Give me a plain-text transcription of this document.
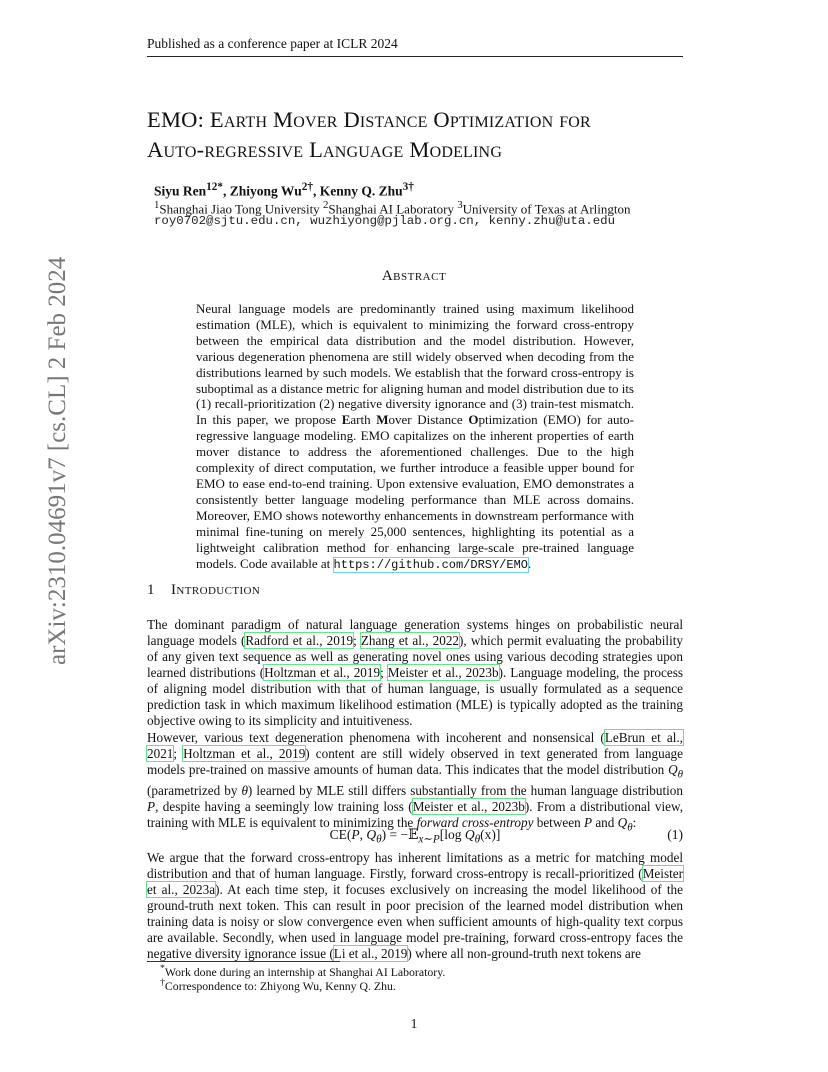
Published as a conference paper at ICLR 2024
arXiv:2310.04691v7 [cs.CL] 2 Feb 2024
EMO: Earth Mover Distance Optimization for
Auto-regressive Language Modeling
Siyu Ren$^{12*}$, Zhiyong $Wu^{2\dagger}$, Kenny Q. Zhu$^{3\dagger}$
$^1$Shanghai Jiao Tong University $^2$Shanghai AI Laboratory $^3$University of Texas at Arlington
roy0702@sjtu.edu.cn, wuzhiyong@pjlab.org.cn, kenny.zhu@uta.edu
Abstract
Neural language models are predominantly trained using maximum likelihood estimation (MLE), which is equivalent to minimizing the forward cross-entropy between the empirical data distribution and the model distribution. However, various degeneration phenomena are still widely observed when decoding from the distributions learned by such models. We establish that the forward cross-entropy is suboptimal as a distance metric for aligning human and model distribution due to its (1) recall-prioritization (2) negative diversity ignorance and (3) train-test mismatch. In this paper, we propose Earth Mover Distance Optimization (EMO) for auto-regressive language modeling. EMO capitalizes on the inherent properties of earth mover distance to address the aforementioned challenges. Due to the high complexity of direct computation, we further introduce a feasible upper bound for EMO to ease end-to-end training. Upon extensive evaluation, EMO demonstrates a consistently better language modeling performance than MLE across domains. Moreover, EMO shows noteworthy enhancements in downstream performance with minimal fine-tuning on merely 25,000 sentences, highlighting its potential as a lightweight calibration method for enhancing large-scale pre-trained language models. Code available at https://github.com/DRSY/EMO.
1 Introduction
The dominant paradigm of natural language generation systems hinges on probabilistic neural language models (Radford et al., 2019; Zhang et al., 2022), which permit evaluating the probability of any given text sequence as well as generating novel ones using various decoding strategies upon learned distributions (Holtzman et al., 2019; Meister et al., 2023b). Language modeling, the process of aligning model distribution with that of human language, is usually formulated as a sequence prediction task in which maximum likelihood estimation (MLE) is typically adopted as the training objective owing to its simplicity and intuitiveness.
However, various text degeneration phenomena with incoherent and nonsensical (LeBrun et al., 2021; Holtzman et al., 2019) content are still widely observed in text generated from language models pre-trained on massive amounts of human data. This indicates that the model distribution $Q_\theta$ (parametrized by θ) learned by MLE still differs substantially from the human language distribution P, despite having a seemingly low training loss (Meister et al., 2023b). From a distributional view, training with MLE is equivalent to minimizing the forward cross-entropy between P and $Q_\theta$:
CE(P, $Q_\theta$) = −𝔼$_{x\sim P}$[log $Q_\theta(x)$]	(1)
We argue that the forward cross-entropy has inherent limitations as a metric for matching model distribution and that of human language. Firstly, forward cross-entropy is recall-prioritized (Meister et al., 2023a). At each time step, it focuses exclusively on increasing the model likelihood of the ground-truth next token. This can result in poor precision of the learned model distribution when training data is noisy or slow convergence even when sufficient amounts of high-quality text corpus are available. Secondly, when used in language model pre-training, forward cross-entropy faces the negative diversity ignorance issue (Li et al., 2019) where all non-ground-truth next tokens are
*Work done during an internship at Shanghai AI Laboratory.
†Correspondence to: Zhiyong Wu, Kenny Q. Zhu.
1
